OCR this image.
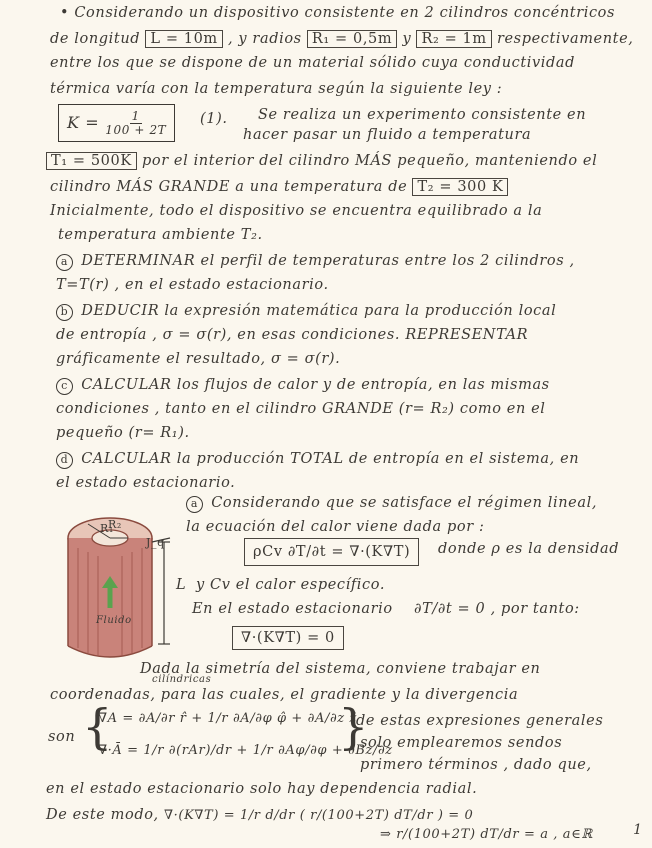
• Considerando un dispositivo consistente en 2 cilindros concéntricos
de longitud L = 10m , y radios R₁ = 0,5m y R₂ = 1m respectivamente,
entre los que se dispone de un material sólido cuya conductividad
térmica varía con la temperatura según la siguiente ley :
$K = \frac{1}{100 + 2T} (1)$. Se realiza un experimento consistente en
hacer pasar un fluido a temperatura
T₁ = 500K por el interior del cilindro MÁS pequeño, manteniendo el
cilindro MÁS GRANDE a una temperatura de T₂ = 300 K
Inicialmente, todo el dispositivo se encuentra equilibrado a la
temperatura ambiente T₂.
a DETERMINAR el perfil de temperaturas entre los 2 cilindros ,
T=T(r) , en el estado estacionario.
b DEDUCIR la expresión matemática para la producción local
de entropía , σ = σ(r), en esas condiciones. REPRESENTAR
gráficamente el resultado, σ = σ(r).
c CALCULAR los flujos de calor y de entropía, en las mismas
condiciones , tanto en el cilindro GRANDE (r= R₂) como en el
pequeño (r= R₁).
d CALCULAR la producción TOTAL de entropía en el sistema, en
el estado estacionario.
R₁
R₂
J_q
Fluido
L
a Considerando que se satisface el régimen lineal,
la ecuación del calor viene dada por :
ρCv ∂T/∂t = ∇·(K∇T)	donde ρ es la densidad
y Cv el calor específico.
En el estado estacionario ∂T/∂t = 0 , por tanto:
∇·(K∇T) = 0
Dada la simetría del sistema, conviene trabajar en
cilíndricas
coordenadas, para las cuales, el gradiente y la divergencia
son {
∇A = ∂A/∂r r̂ + 1/r ∂A/∂φ φ̂ + ∂A/∂z ẑ
∇·Ā = 1/r ∂(rAr)/dr + 1/r ∂Aφ/∂φ + ∂Bz/∂z
}
de estas expresiones generales
solo emplearemos sendos
primero términos , dado que,
en el estado estacionario solo hay dependencia radial.
De este modo, ∇·(K∇T) = 1/r d/dr ( r/(100+2T) dT/dr ) = 0
⇒ r/(100+2T) dT/dr = a , a∈ℝ	1
